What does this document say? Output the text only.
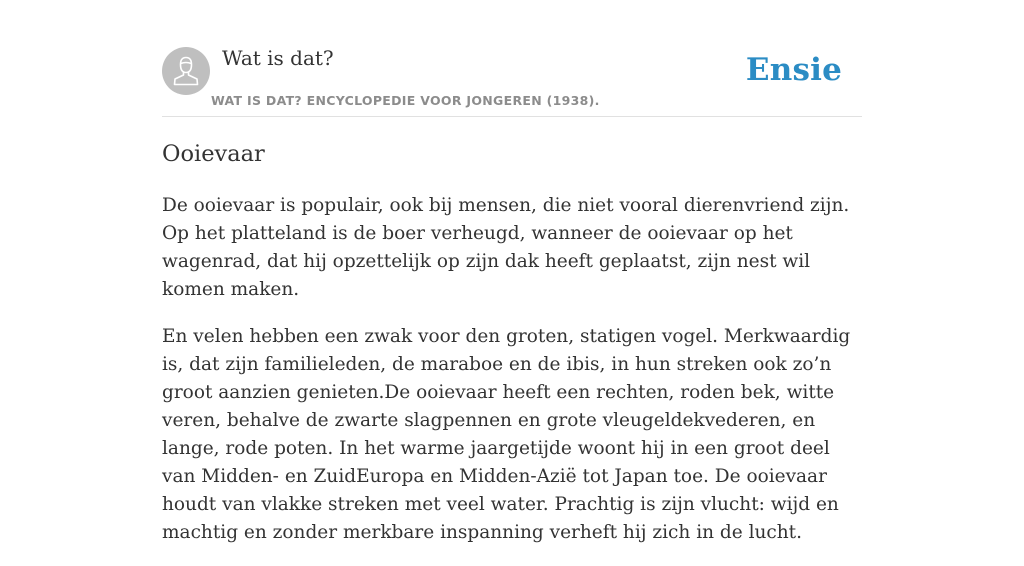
Wat is dat?
WAT IS DAT? ENCYCLOPEDIE VOOR JONGEREN (1938).
Ensie
Ooievaar

De ooievaar is populair, ook bij mensen, die niet vooral dierenvriend zijn. Op het platteland is de boer verheugd, wanneer de ooievaar op het wagenrad, dat hij opzettelijk op zijn dak heeft geplaatst, zijn nest wil komen maken.

En velen hebben een zwak voor den groten, statigen vogel. Merkwaardig is, dat zijn familieleden, de maraboe en de ibis, in hun streken ook zo’n groot aanzien genieten.De ooievaar heeft een rechten, roden bek, witte veren, behalve de zwarte slagpennen en grote vleugeldekvederen, en lange, rode poten. In het warme jaargetijde woont hij in een groot deel van Midden- en ZuidEuropa en Midden-Azië tot Japan toe. De ooievaar houdt van vlakke streken met veel water. Prachtig is zijn vlucht: wijd en machtig en zonder merkbare inspanning verheft hij zich in de lucht.
